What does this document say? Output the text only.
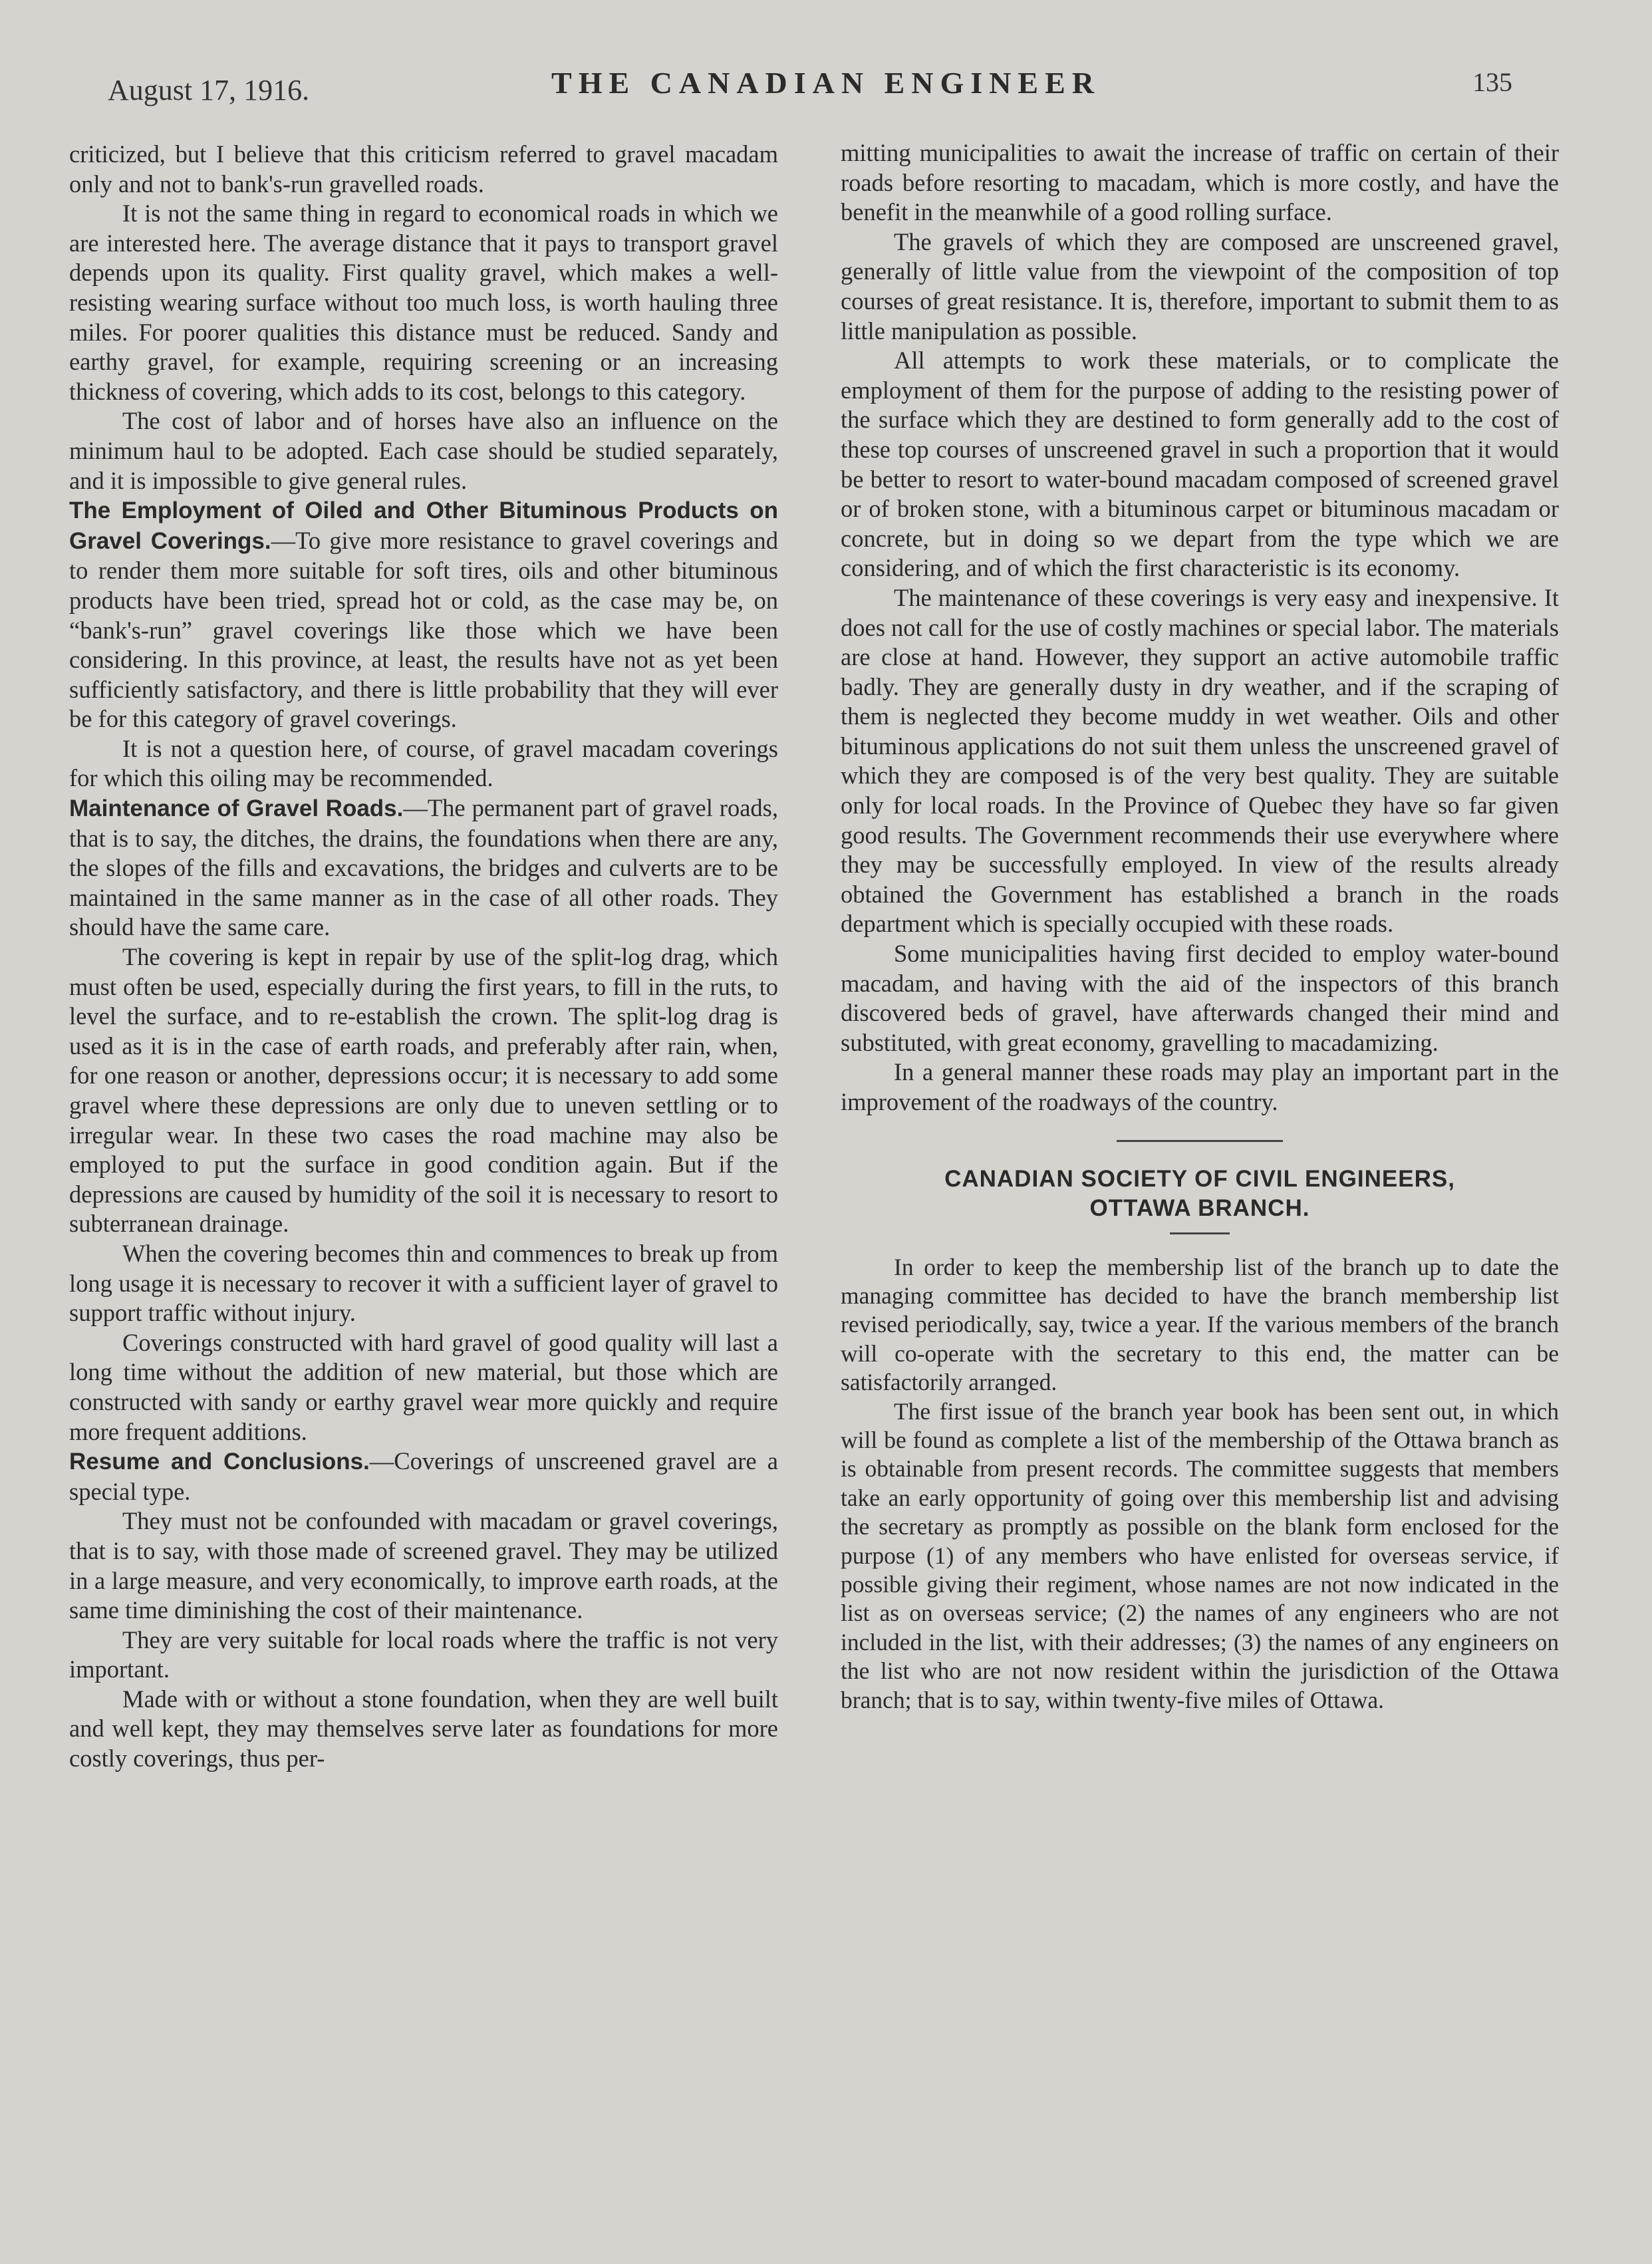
August 17, 1916.	THE CANADIAN ENGINEER	135

criticized, but I believe that this criticism referred to gravel macadam only and not to bank's-run gravelled roads.

It is not the same thing in regard to economical roads in which we are interested here. The average distance that it pays to transport gravel depends upon its quality. First quality gravel, which makes a well-resisting wearing surface without too much loss, is worth hauling three miles. For poorer qualities this distance must be reduced. Sandy and earthy gravel, for example, requiring screening or an increasing thickness of covering, which adds to its cost, belongs to this category.

The cost of labor and of horses have also an influence on the minimum haul to be adopted. Each case should be studied separately, and it is impossible to give general rules.

The Employment of Oiled and Other Bituminous Products on Gravel Coverings.—To give more resistance to gravel coverings and to render them more suitable for soft tires, oils and other bituminous products have been tried, spread hot or cold, as the case may be, on “bank's-run” gravel coverings like those which we have been considering. In this province, at least, the results have not as yet been sufficiently satisfactory, and there is little probability that they will ever be for this category of gravel coverings.

It is not a question here, of course, of gravel macadam coverings for which this oiling may be recommended.

Maintenance of Gravel Roads.—The permanent part of gravel roads, that is to say, the ditches, the drains, the foundations when there are any, the slopes of the fills and excavations, the bridges and culverts are to be maintained in the same manner as in the case of all other roads. They should have the same care.

The covering is kept in repair by use of the split-log drag, which must often be used, especially during the first years, to fill in the ruts, to level the surface, and to re-establish the crown. The split-log drag is used as it is in the case of earth roads, and preferably after rain, when, for one reason or another, depressions occur; it is necessary to add some gravel where these depressions are only due to uneven settling or to irregular wear. In these two cases the road machine may also be employed to put the surface in good condition again. But if the depressions are caused by humidity of the soil it is necessary to resort to subterranean drainage.

When the covering becomes thin and commences to break up from long usage it is necessary to recover it with a sufficient layer of gravel to support traffic without injury.

Coverings constructed with hard gravel of good quality will last a long time without the addition of new material, but those which are constructed with sandy or earthy gravel wear more quickly and require more frequent additions.

Resume and Conclusions.—Coverings of unscreened gravel are a special type.

They must not be confounded with macadam or gravel coverings, that is to say, with those made of screened gravel. They may be utilized in a large measure, and very economically, to improve earth roads, at the same time diminishing the cost of their maintenance.

They are very suitable for local roads where the traffic is not very important.

Made with or without a stone foundation, when they are well built and well kept, they may themselves serve later as foundations for more costly coverings, thus per-

mitting municipalities to await the increase of traffic on certain of their roads before resorting to macadam, which is more costly, and have the benefit in the meanwhile of a good rolling surface.

The gravels of which they are composed are unscreened gravel, generally of little value from the viewpoint of the composition of top courses of great resistance. It is, therefore, important to submit them to as little manipulation as possible.

All attempts to work these materials, or to complicate the employment of them for the purpose of adding to the resisting power of the surface which they are destined to form generally add to the cost of these top courses of unscreened gravel in such a proportion that it would be better to resort to water-bound macadam composed of screened gravel or of broken stone, with a bituminous carpet or bituminous macadam or concrete, but in doing so we depart from the type which we are considering, and of which the first characteristic is its economy.

The maintenance of these coverings is very easy and inexpensive. It does not call for the use of costly machines or special labor. The materials are close at hand. However, they support an active automobile traffic badly. They are generally dusty in dry weather, and if the scraping of them is neglected they become muddy in wet weather. Oils and other bituminous applications do not suit them unless the unscreened gravel of which they are composed is of the very best quality. They are suitable only for local roads. In the Province of Quebec they have so far given good results. The Government recommends their use everywhere where they may be successfully employed. In view of the results already obtained the Government has established a branch in the roads department which is specially occupied with these roads.

Some municipalities having first decided to employ water-bound macadam, and having with the aid of the inspectors of this branch discovered beds of gravel, have afterwards changed their mind and substituted, with great economy, gravelling to macadamizing.

In a general manner these roads may play an important part in the improvement of the roadways of the country.

CANADIAN SOCIETY OF CIVIL ENGINEERS,
OTTAWA BRANCH.

In order to keep the membership list of the branch up to date the managing committee has decided to have the branch membership list revised periodically, say, twice a year. If the various members of the branch will co-operate with the secretary to this end, the matter can be satisfactorily arranged.

The first issue of the branch year book has been sent out, in which will be found as complete a list of the membership of the Ottawa branch as is obtainable from present records. The committee suggests that members take an early opportunity of going over this membership list and advising the secretary as promptly as possible on the blank form enclosed for the purpose (1) of any members who have enlisted for overseas service, if possible giving their regiment, whose names are not now indicated in the list as on overseas service; (2) the names of any engineers who are not included in the list, with their addresses; (3) the names of any engineers on the list who are not now resident within the jurisdiction of the Ottawa branch; that is to say, within twenty-five miles of Ottawa.
